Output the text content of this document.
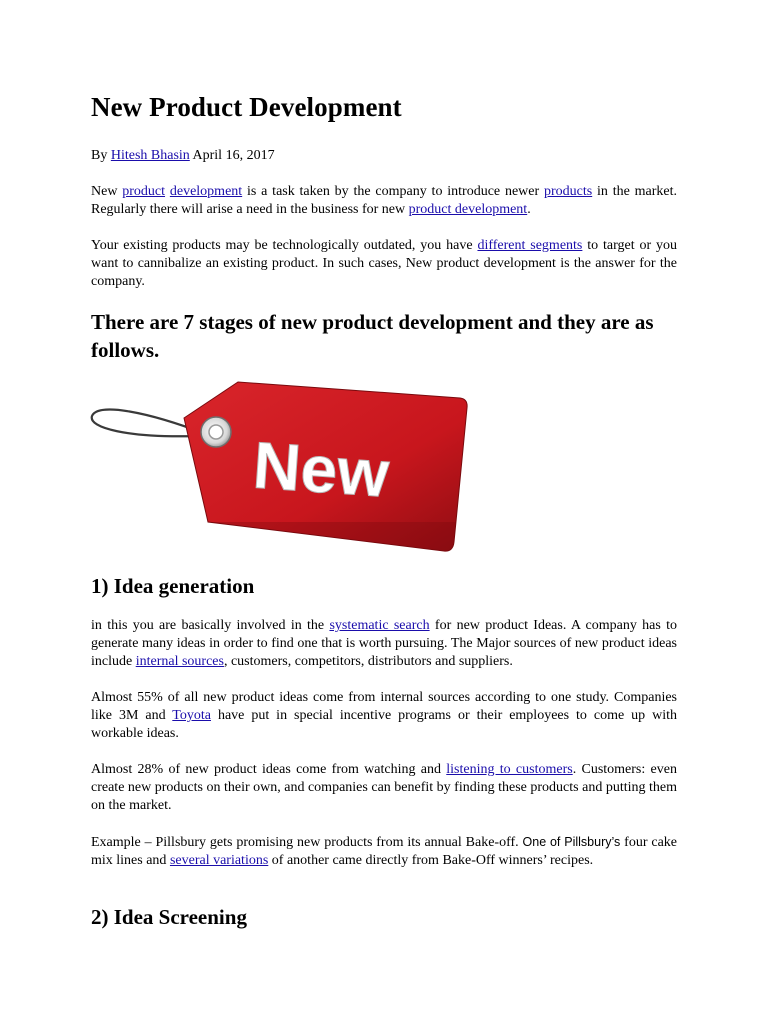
New Product Development

By Hitesh Bhasin April 16, 2017

New product development is a task taken by the company to introduce newer products in the market. Regularly there will arise a need in the business for new product development.

Your existing products may be technologically outdated, you have different segments to target or you want to cannibalize an existing product. In such cases, New product development is the answer for the company.

There are 7 stages of new product development and they are as follows.
New
1) Idea generation

in this you are basically involved in the systematic search for new product Ideas. A company has to generate many ideas in order to find one that is worth pursuing. The Major sources of new product ideas include internal sources, customers, competitors, distributors and suppliers.

Almost 55% of all new product ideas come from internal sources according to one study. Companies like 3M and Toyota have put in special incentive programs or their employees to come up with workable ideas.

Almost 28% of new product ideas come from watching and listening to customers. Customers: even create new products on their own, and companies can benefit by finding these products and putting them on the market.

Example – Pillsbury gets promising new products from its annual Bake-off. One of Pillsbury’s four cake mix lines and several variations of another came directly from Bake-Off winners’ recipes.

2) Idea Screening
